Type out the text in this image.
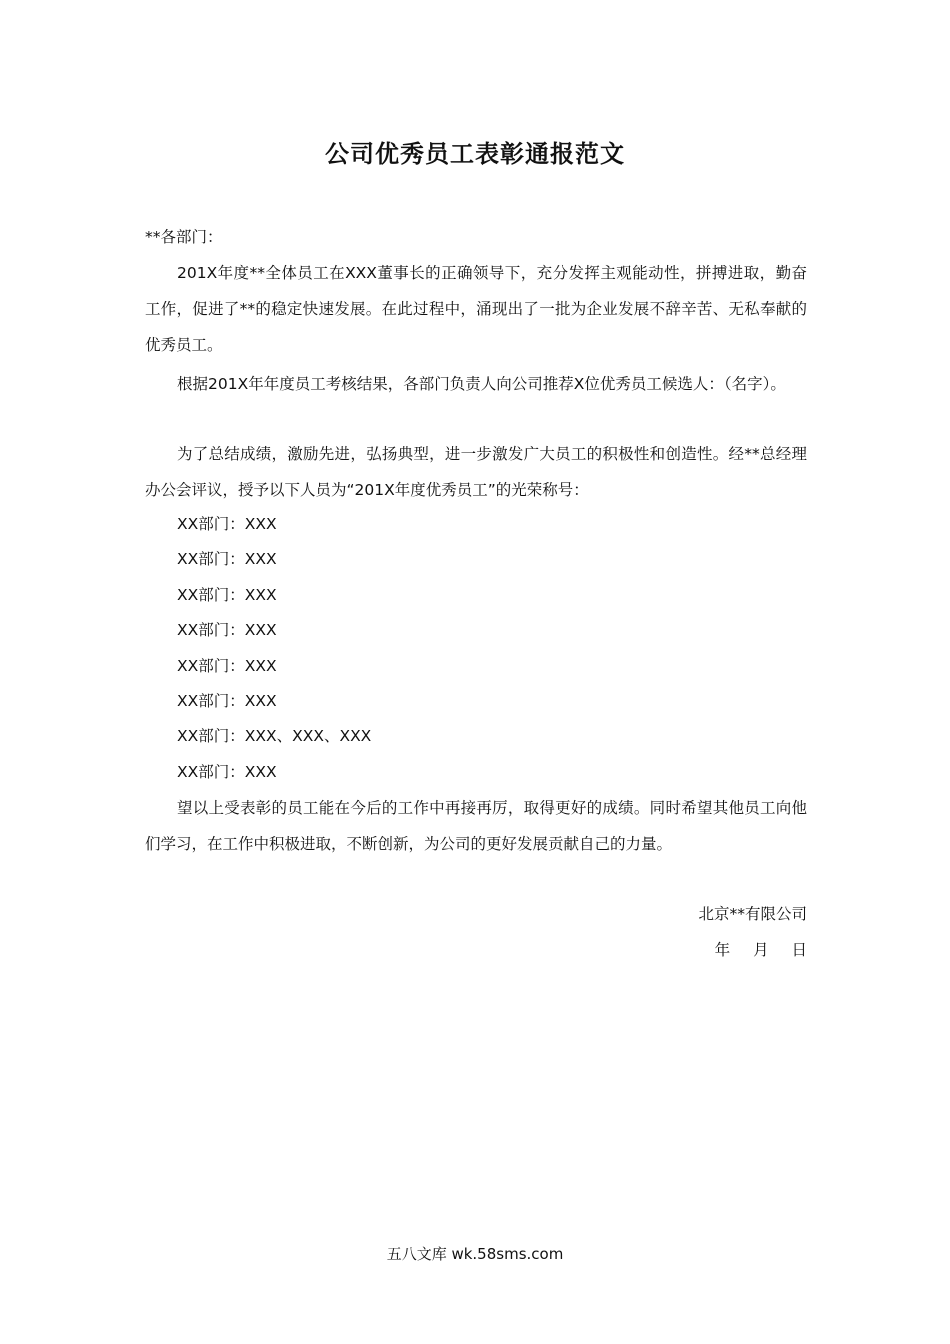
公司优秀员工表彰通报范文
**各部门：

201X年度**全体员工在XXX董事长的正确领导下，充分发挥主观能动性，拼搏进取，勤奋工作，促进了**的稳定快速发展。在此过程中，涌现出了一批为企业发展不辞辛苦、无私奉献的优秀员工。

根据201X年年度员工考核结果，各部门负责人向公司推荐X位优秀员工候选人：（名字）。

为了总结成绩，激励先进，弘扬典型，进一步激发广大员工的积极性和创造性。经**总经理办公会评议，授予以下人员为“201X年度优秀员工”的光荣称号：

XX部门：XXX
XX部门：XXX
XX部门：XXX
XX部门：XXX
XX部门：XXX
XX部门：XXX
XX部门：XXX、XXX、XXX
XX部门：XXX

望以上受表彰的员工能在今后的工作中再接再厉，取得更好的成绩。同时希望其他员工向他们学习，在工作中积极进取，不断创新，为公司的更好发展贡献自己的力量。

北京**有限公司
年 月 日
五八文库 wk.58sms.com
